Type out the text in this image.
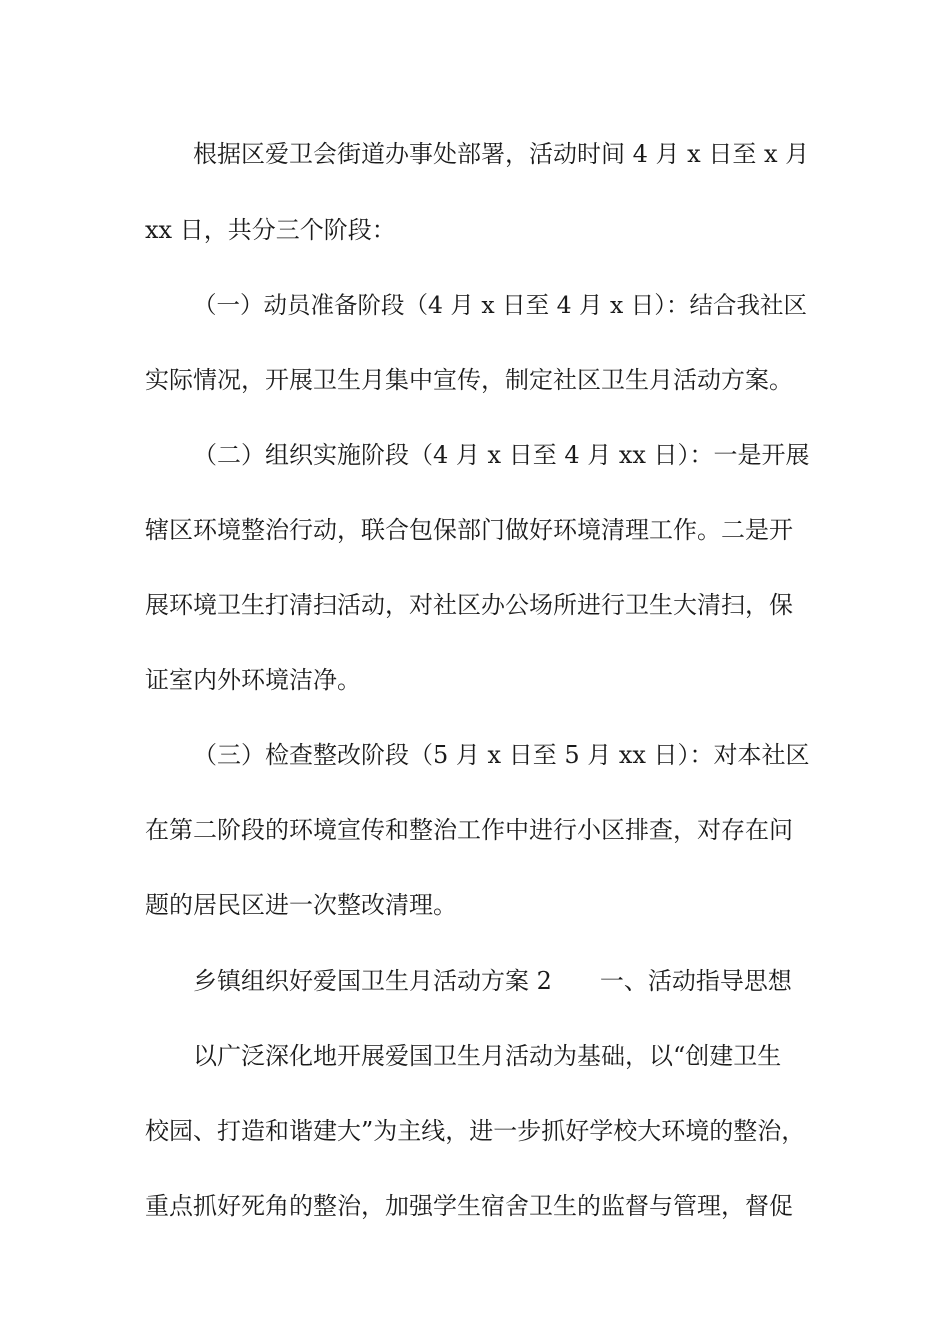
根据区爱卫会街道办事处部署，活动时间 4 月 x 日至 x 月
xx 日，共分三个阶段：
（一）动员准备阶段（4 月 x 日至 4 月 x 日）：结合我社区
实际情况，开展卫生月集中宣传，制定社区卫生月活动方案。
（二）组织实施阶段（4 月 x 日至 4 月 xx 日）：一是开展
辖区环境整治行动，联合包保部门做好环境清理工作。二是开
展环境卫生打清扫活动，对社区办公场所进行卫生大清扫，保
证室内外环境洁净。
（三）检查整改阶段（5 月 x 日至 5 月 xx 日）：对本社区
在第二阶段的环境宣传和整治工作中进行小区排查，对存在问
题的居民区进一次整改清理。
乡镇组织好爱国卫生月活动方案 2　　一、活动指导思想
以广泛深化地开展爱国卫生月活动为基础，以“创建卫生
校园、打造和谐建大”为主线，进一步抓好学校大环境的整治，
重点抓好死角的整治，加强学生宿舍卫生的监督与管理，督促
